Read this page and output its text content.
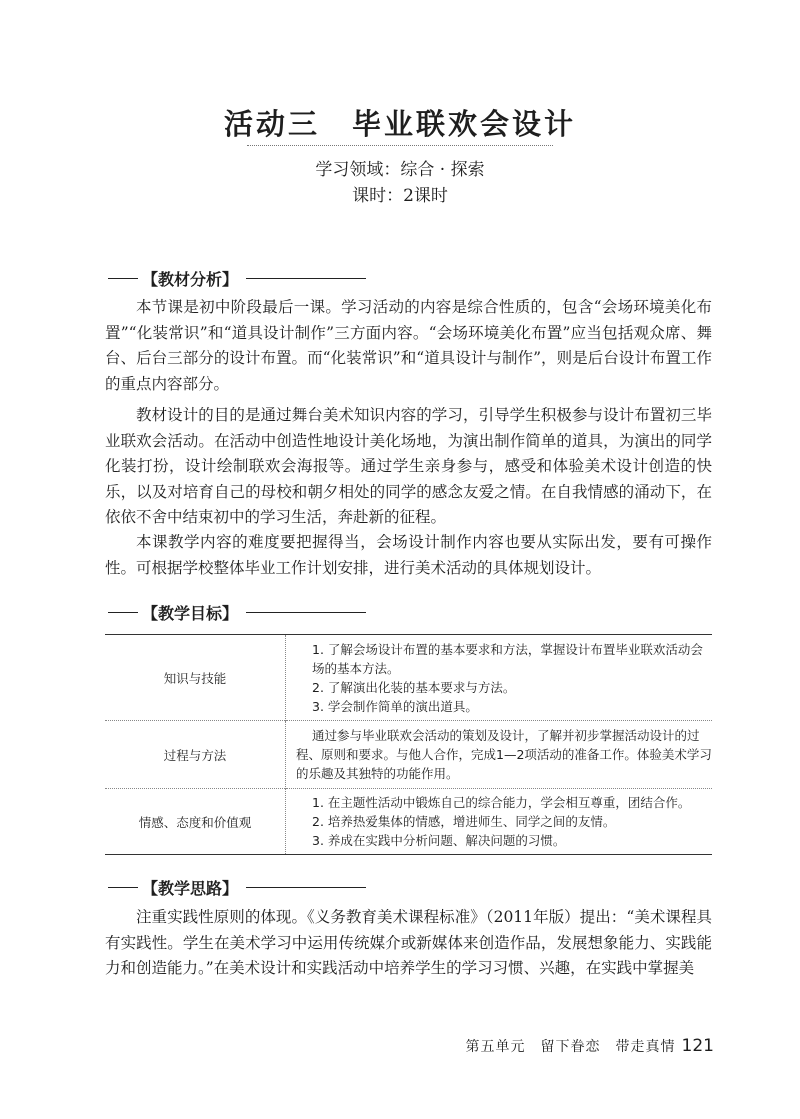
活动三　毕业联欢会设计
学习领域：综合 · 探索
课时：2课时
【教材分析】

本节课是初中阶段最后一课。学习活动的内容是综合性质的，包含“会场环境美化布置”“化装常识”和“道具设计制作”三方面内容。“会场环境美化布置”应当包括观众席、舞台、后台三部分的设计布置。而“化装常识”和“道具设计与制作”，则是后台设计布置工作的重点内容部分。

教材设计的目的是通过舞台美术知识内容的学习，引导学生积极参与设计布置初三毕业联欢会活动。在活动中创造性地设计美化场地，为演出制作简单的道具，为演出的同学化装打扮，设计绘制联欢会海报等。通过学生亲身参与，感受和体验美术设计创造的快乐，以及对培育自己的母校和朝夕相处的同学的感念友爱之情。在自我情感的涌动下，在依依不舍中结束初中的学习生活，奔赴新的征程。

本课教学内容的难度要把握得当，会场设计制作内容也要从实际出发，要有可操作性。可根据学校整体毕业工作计划安排，进行美术活动的具体规划设计。

【教学目标】
知识与技能	1. 了解会场设计布置的基本要求和方法，掌握设计布置毕业联欢活动会场的基本方法。

2. 了解演出化装的基本要求与方法。

3. 学会制作简单的演出道具。

过程与方法	通过参与毕业联欢会活动的策划及设计，了解并初步掌握活动设计的过程、原则和要求。与他人合作，完成1—2项活动的准备工作。体验美术学习的乐趣及其独特的功能作用。

情感、态度和价值观	1. 在主题性活动中锻炼自己的综合能力，学会相互尊重，团结合作。

2. 培养热爱集体的情感，增进师生、同学之间的友情。

3. 养成在实践中分析问题、解决问题的习惯。

【教学思路】

注重实践性原则的体现。《义务教育美术课程标准》（2011年版）提出：“美术课程具有实践性。学生在美术学习中运用传统媒介或新媒体来创造作品，发展想象能力、实践能力和创造能力。”在美术设计和实践活动中培养学生的学习习惯、兴趣，在实践中掌握美

第五单元　留下眷恋　带走真情 121
